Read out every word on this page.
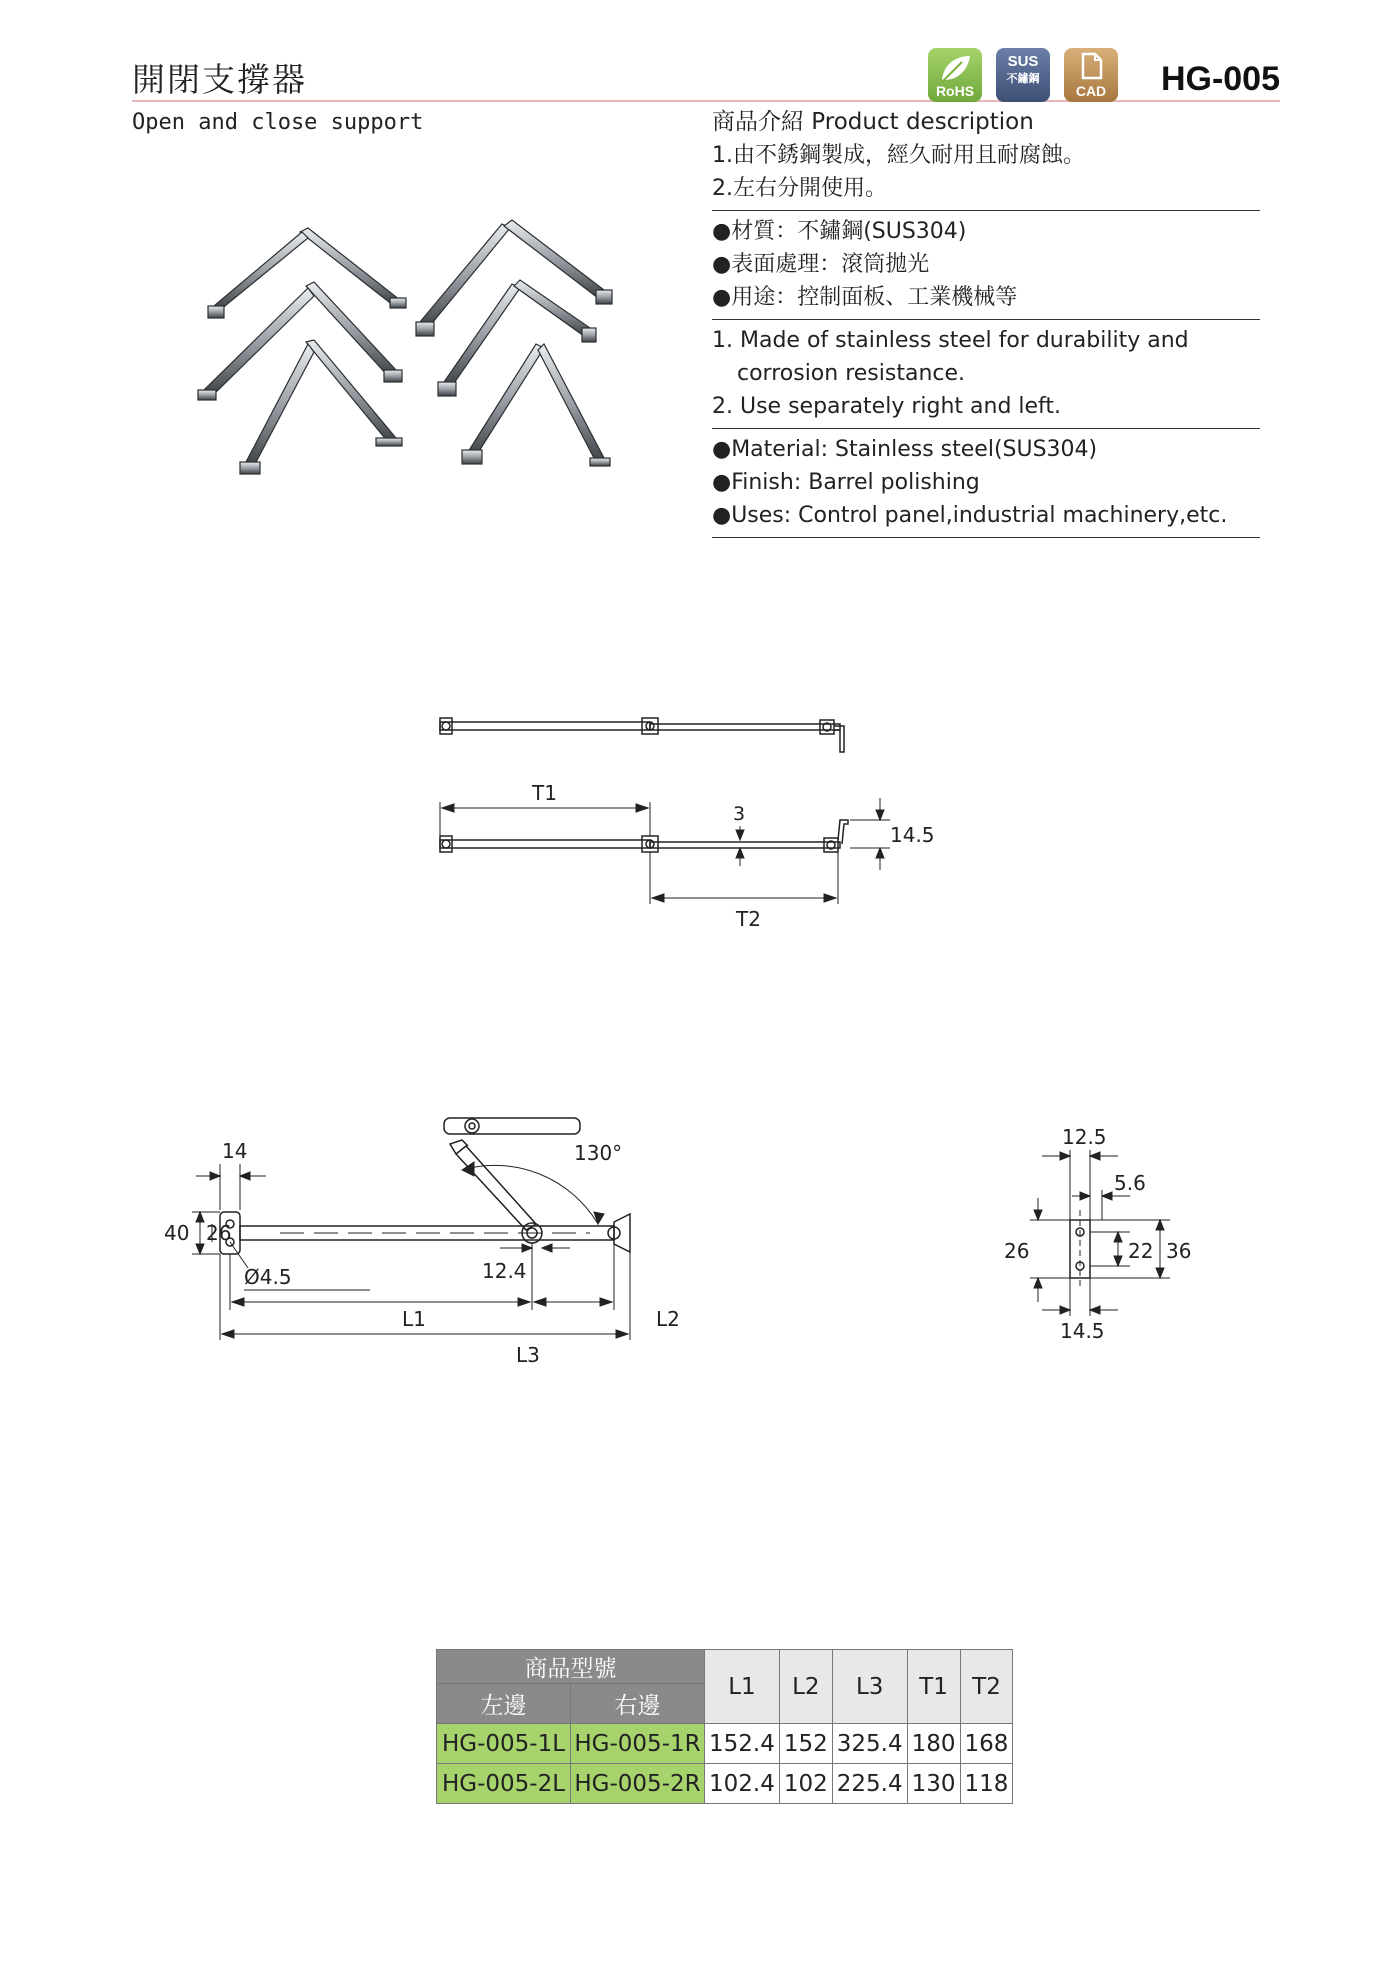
開閉支撐器	RoHS
SUS
不鏽鋼
CAD	HG-005
Open and close support	商品介紹 Product description
1.由不銹鋼製成，經久耐用且耐腐蝕。
2.左右分開使用。
●材質：不鏽鋼(SUS304)
●表面處理：滾筒拋光
●用途：控制面板、工業機械等
1. Made of stainless steel for durability and
corrosion resistance.
2. Use separately right and left.
●Material: Stainless steel(SUS304)
●Finish: Barrel polishing
●Uses: Control panel,industrial machinery,etc.
T1
T2
3
14.5
130°
14
40 26
Ø4.5	12.4
L1	L2
L3
12.5
5.6
26	22 36
14.5
商品型號		L1	L2	L3	T1	T2
左邊	右邊					
HG-005-1L	HG-005-1R	152.4	152	325.4	180	168
HG-005-2L	HG-005-2R	102.4	102	225.4	130	118
